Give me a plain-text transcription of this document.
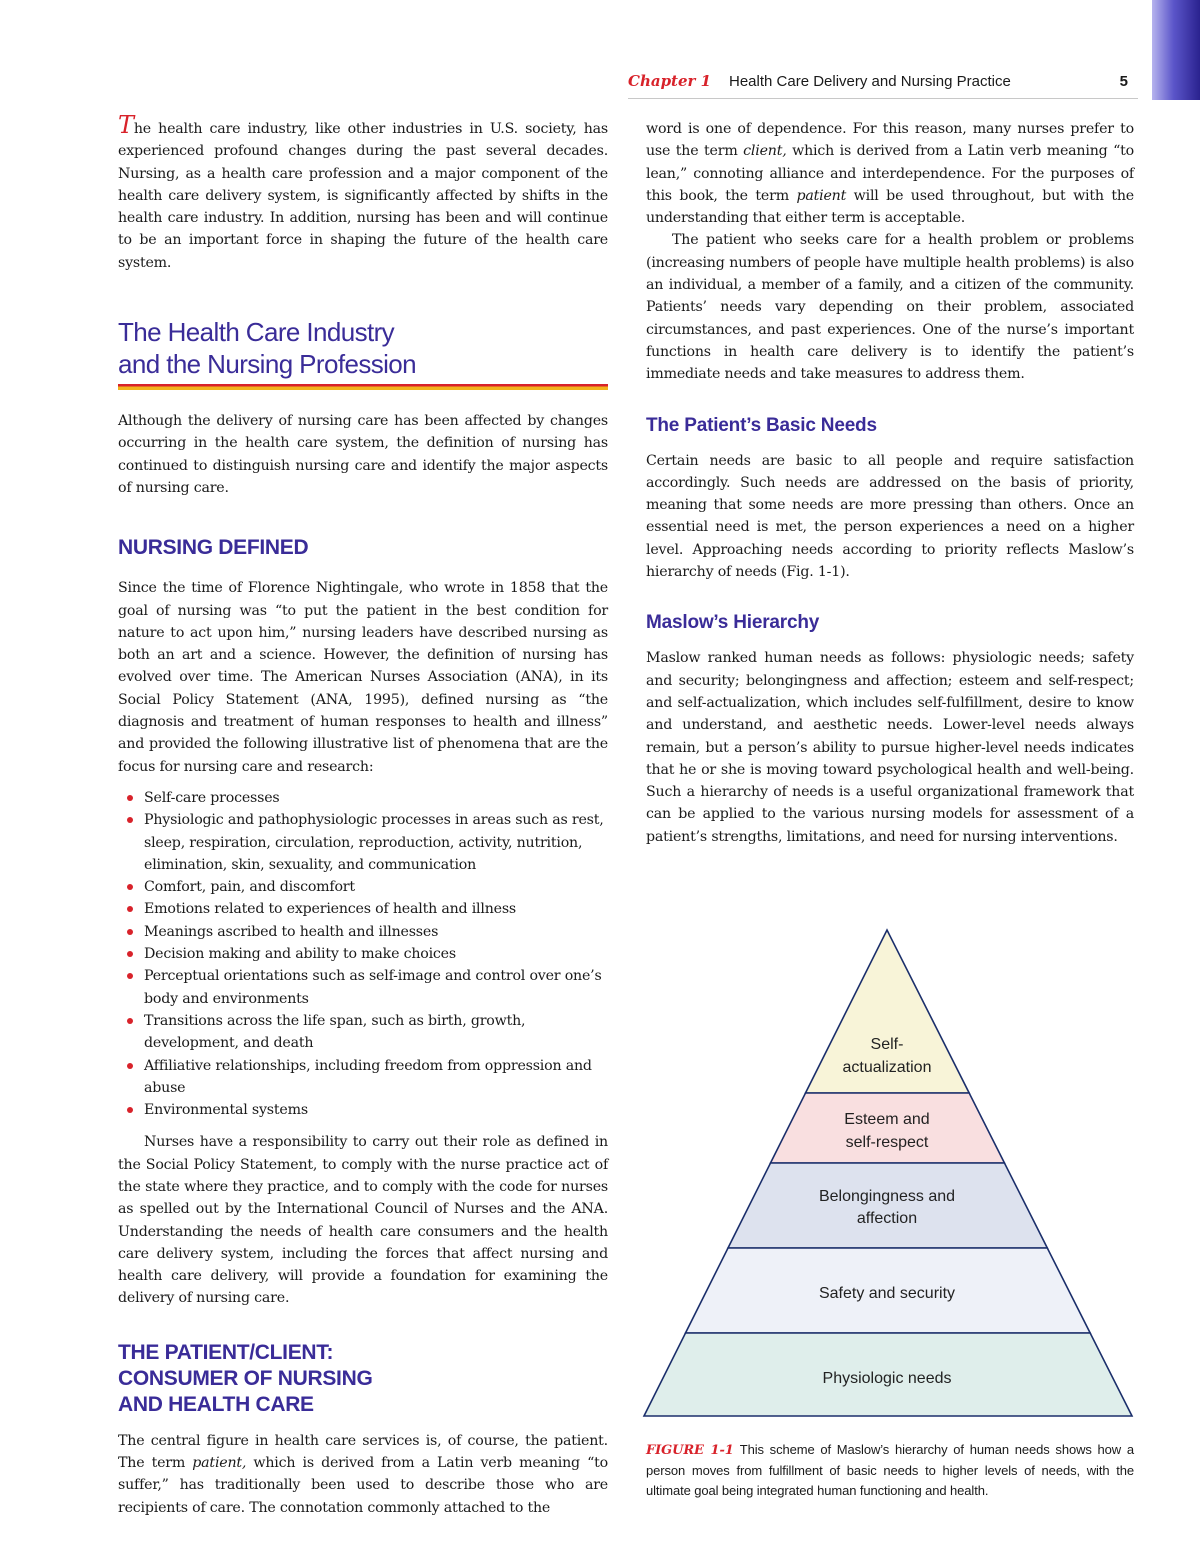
Chapter 1 Health Care Delivery and Nursing Practice	5

The health care industry, like other industries in U.S. society, has experienced profound changes during the past several decades. Nursing, as a health care profession and a major component of the health care delivery system, is significantly affected by shifts in the health care industry. In addition, nursing has been and will continue to be an important force in shaping the future of the health care system.

The Health Care Industry
and the Nursing Profession

Although the delivery of nursing care has been affected by changes occurring in the health care system, the definition of nursing has continued to distinguish nursing care and identify the major aspects of nursing care.

NURSING DEFINED

Since the time of Florence Nightingale, who wrote in 1858 that the goal of nursing was “to put the patient in the best condition for nature to act upon him,” nursing leaders have described nursing as both an art and a science. However, the definition of nursing has evolved over time. The American Nurses Association (ANA), in its Social Policy Statement (ANA, 1995), defined nursing as “the diagnosis and treatment of human responses to health and illness” and provided the following illustrative list of phenomena that are the focus for nursing care and research:

Self-care processes
Physiologic and pathophysiologic processes in areas such as rest, sleep, respiration, circulation, reproduction, activity, nutrition, elimination, skin, sexuality, and communication
Comfort, pain, and discomfort
Emotions related to experiences of health and illness
Meanings ascribed to health and illnesses
Decision making and ability to make choices
Perceptual orientations such as self-image and control over one’s body and environments
Transitions across the life span, such as birth, growth, development, and death
Affiliative relationships, including freedom from oppression and abuse
Environmental systems

Nurses have a responsibility to carry out their role as defined in the Social Policy Statement, to comply with the nurse practice act of the state where they practice, and to comply with the code for nurses as spelled out by the International Council of Nurses and the ANA. Understanding the needs of health care consumers and the health care delivery system, including the forces that affect nursing and health care delivery, will provide a foundation for examining the delivery of nursing care.

THE PATIENT/CLIENT:
CONSUMER OF NURSING
AND HEALTH CARE

The central figure in health care services is, of course, the patient. The term patient, which is derived from a Latin verb meaning “to suffer,” has traditionally been used to describe those who are recipients of care. The connotation commonly attached to the

word is one of dependence. For this reason, many nurses prefer to use the term client, which is derived from a Latin verb meaning “to lean,” connoting alliance and interdependence. For the purposes of this book, the term patient will be used throughout, but with the understanding that either term is acceptable.

The patient who seeks care for a health problem or problems (increasing numbers of people have multiple health problems) is also an individual, a member of a family, and a citizen of the community. Patients’ needs vary depending on their problem, associated circumstances, and past experiences. One of the nurse’s important functions in health care delivery is to identify the patient’s immediate needs and take measures to address them.

The Patient’s Basic Needs

Certain needs are basic to all people and require satisfaction accordingly. Such needs are addressed on the basis of priority, meaning that some needs are more pressing than others. Once an essential need is met, the person experiences a need on a higher level. Approaching needs according to priority reflects Maslow’s hierarchy of needs (Fig. 1-1).

Maslow’s Hierarchy

Maslow ranked human needs as follows: physiologic needs; safety and security; belongingness and affection; esteem and self-respect; and self-actualization, which includes self-fulfillment, desire to know and understand, and aesthetic needs. Lower-level needs always remain, but a person’s ability to pursue higher-level needs indicates that he or she is moving toward psychological health and well-being. Such a hierarchy of needs is a useful organizational framework that can be applied to the various nursing models for assessment of a patient’s strengths, limitations, and need for nursing interventions.

Self-
actualization
Esteem and
self-respect
Belongingness and
affection
Safety and security
Physiologic needs
FIGURE 1-1 This scheme of Maslow’s hierarchy of human needs shows how a person moves from fulfillment of basic needs to higher levels of needs, with the ultimate goal being integrated human functioning and health.
